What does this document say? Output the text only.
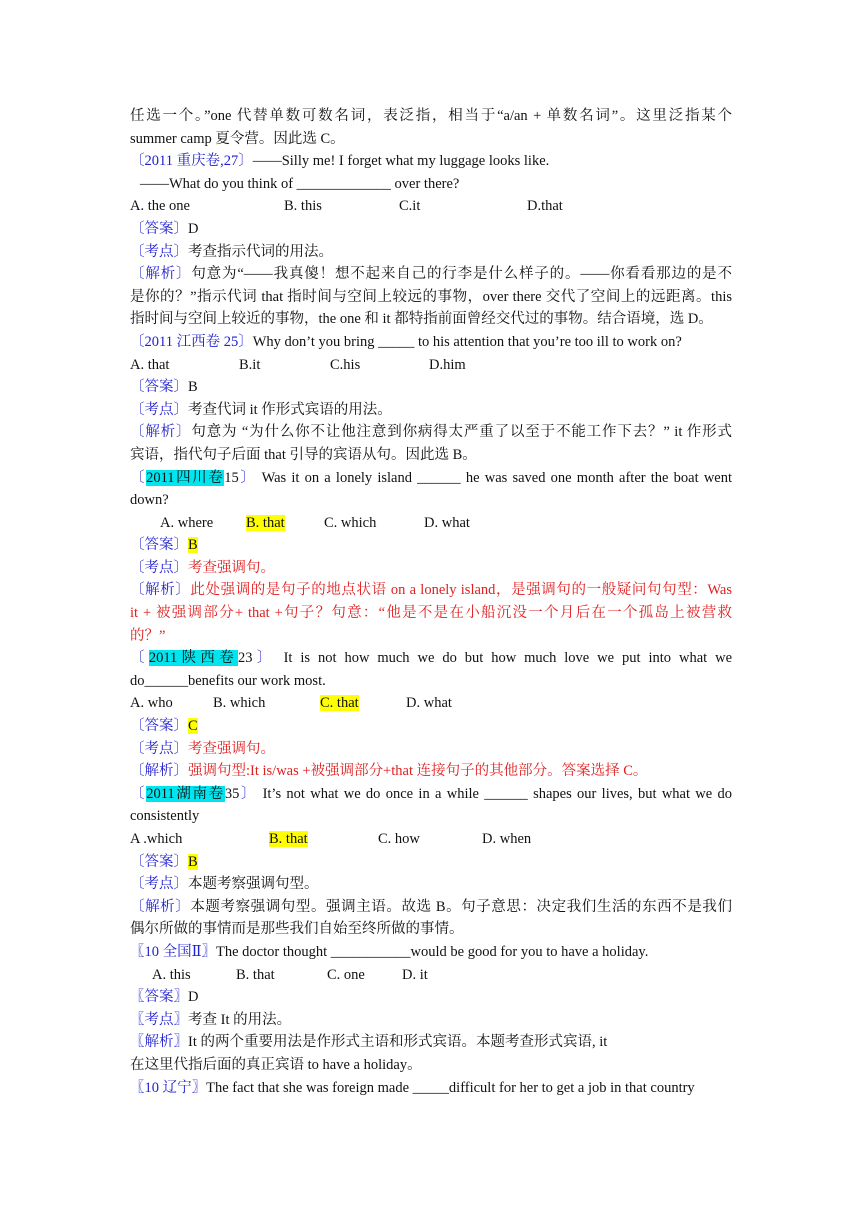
任选一个。”one 代替单数可数名词，表泛指，相当于“a/an + 单数名词”。这里泛指某个
summer camp 夏令营。因此选 C。
〔2011 重庆卷,27〕——Silly me! I forget what my luggage looks like.
——What do you think of _____________ over there?
A. the one	B. this	C.it	D.that
〔答案〕D
〔考点〕考查指示代词的用法。
〔解析〕句意为“——我真傻！想不起来自己的行李是什么样子的。——你看看那边的是不
是你的？”指示代词 that 指时间与空间上较远的事物，over there 交代了空间上的远距离。this
指时间与空间上较近的事物，the one 和 it 都特指前面曾经交代过的事物。结合语境，选 D。
〔2011 江西卷 25〕Why don’t you bring _____ to his attention that you’re too ill to work on?
A. that	B.it	C.his	D.him
〔答案〕B
〔考点〕考查代词 it 作形式宾语的用法。
〔解析〕句意为 “为什么你不让他注意到你病得太严重了以至于不能工作下去？” it 作形式
宾语，指代句子后面 that 引导的宾语从句。因此选 B。
〔2011四川卷15〕 Was it on a lonely island ______ he was saved one month after the boat went
down?
A. where B. that	C. which	D. what
〔答案〕B
〔考点〕考查强调句。
〔解析〕此处强调的是句子的地点状语 on a lonely island，是强调句的一般疑问句句型：Was
it + 被强调部分+ that +句子？句意：“他是不是在小船沉没一个月后在一个孤岛上被营救
的？”
〔2011陕西卷23〕 It is not how much we do but how much love we put into what we
do______benefits our work most.
A. who	B. which	C. that	D. what
〔答案〕C
〔考点〕考查强调句。
〔解析〕强调句型:It is/was +被强调部分+that 连接句子的其他部分。答案选择 C。
〔2011湖南卷35〕 It’s not what we do once in a while ______ shapes our lives, but what we do
consistently
A .which	B. that	C. how	D. when
〔答案〕B
〔考点〕本题考察强调句型。
〔解析〕本题考察强调句型。强调主语。故选 B。句子意思：决定我们生活的东西不是我们
偶尔所做的事情而是那些我们自始至终所做的事情。
〖10 全国Ⅱ〗The doctor thought ___________would be good for you to have a holiday.
A. this	B. that	C. one	D. it
〖答案〗D
〖考点〗考查 It 的用法。
〖解析〗It 的两个重要用法是作形式主语和形式宾语。本题考查形式宾语, it
在这里代指后面的真正宾语 to have a holiday。
〖10 辽宁〗The fact that she was foreign made _____difficult for her to get a job in that country
